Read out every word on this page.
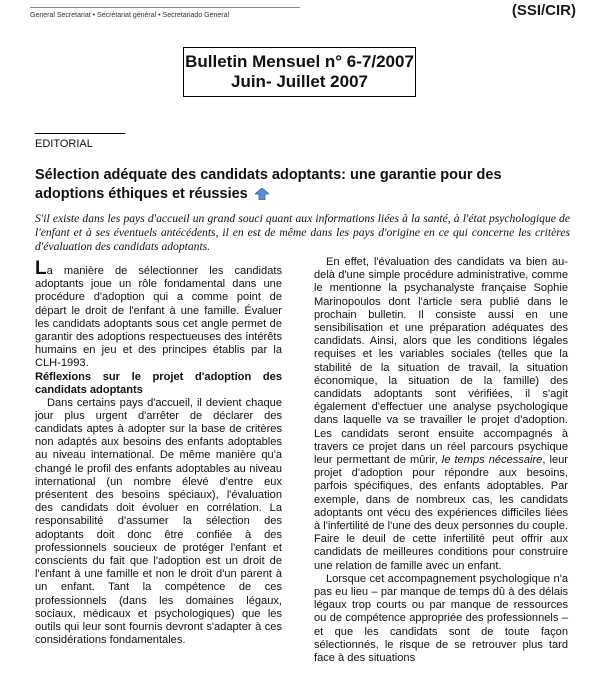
General Secretariat • Secrétariat général • Secretariado General	(SSI/CIR)
Bulletin Mensuel n° 6-7/2007
Juin- Juillet 2007
EDITORIAL
Sélection adéquate des candidats adoptants: une garantie pour des adoptions éthiques et réussies
S'il existe dans les pays d'accueil un grand souci quant aux informations liées à la santé, à l'état psychologique de l'enfant et à ses éventuels antécédents, il en est de même dans les pays d'origine en ce qui concerne les critères d'évaluation des candidats adoptants.

La manière de sélectionner les candidats adoptants joue un rôle fondamental dans une procédure d'adoption qui a comme point de départ le droit de l'enfant à une famille. Évaluer les candidats adoptants sous cet angle permet de garantir des adoptions respectueuses des intérêts humains en jeu et des principes établis par la CLH-1993.

Réflexions sur le projet d'adoption des candidats adoptants

Dans certains pays d'accueil, il devient chaque jour plus urgent d'arrêter de déclarer des candidats aptes à adopter sur la base de critères non adaptés aux besoins des enfants adoptables au niveau international. De même manière qu'a changé le profil des enfants adoptables au niveau international (un nombre élevé d'entre eux présentent des besoins spéciaux), l'évaluation des candidats doit évoluer en corrélation. La responsabilité d'assumer la sélection des adoptants doit donc être confiée à des professionnels soucieux de protéger l'enfant et conscients du fait que l'adoption est un droit de l'enfant à une famille et non le droit d'un parent à un enfant. Tant la compétence de ces professionnels (dans les domaines légaux, sociaux, médicaux et psychologiques) que les outils qui leur sont fournis devront s'adapter à ces considérations fondamentales.

En effet, l'évaluation des candidats va bien au-delà d'une simple procédure administrative, comme le mentionne la psychanalyste française Sophie Marinopoulos dont l'article sera publié dans le prochain bulletin. Il consiste aussi en une sensibilisation et une préparation adéquates des candidats. Ainsi, alors que les conditions légales requises et les variables sociales (telles que la stabilité de la situation de travail, la situation économique, la situation de la famille) des candidats adoptants sont vérifiées, il s'agit également d'effectuer une analyse psychologique dans laquelle va se travailler le projet d'adoption. Les candidats seront ensuite accompagnés à travers ce projet dans un réel parcours psychique leur permettant de mûrir, le temps nécessaire, leur projet d'adoption pour répondre aux besoins, parfois spécifiques, des enfants adoptables. Par exemple, dans de nombreux cas, les candidats adoptants ont vécu des expériences difficiles liées à l'infertilité de l'une des deux personnes du couple. Faire le deuil de cette infertilité peut offrir aux candidats de meilleures conditions pour construire une relation de famille avec un enfant.

Lorsque cet accompagnement psychologique n'a pas eu lieu – par manque de temps dû à des délais légaux trop courts ou par manque de ressources ou de compétence appropriée des professionnels – et que les candidats sont de toute façon sélectionnés, le risque de se retrouver plus tard face à des situations
